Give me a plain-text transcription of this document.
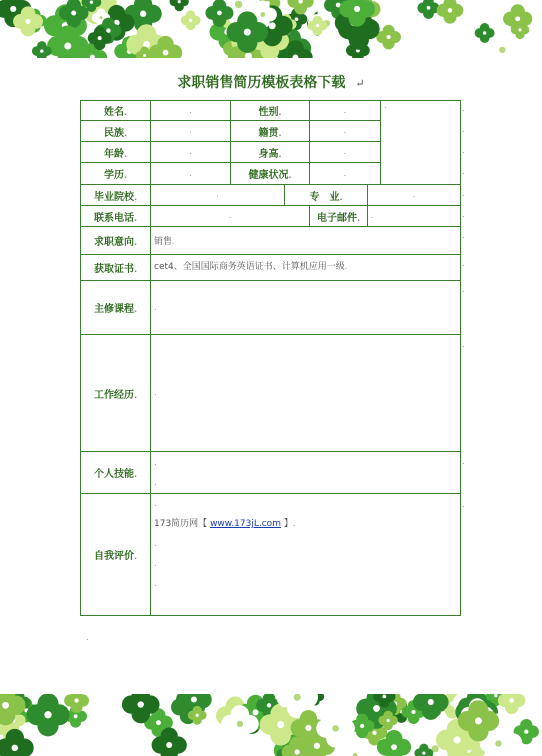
求职销售简历模板表格下载 ↵
姓名.	.	性别.		.		.
民族.	.	籍贯.		.		
年龄.	.	身高.		.		
学历.	.	健康状况.		.		
毕业院校.	.		专　业.		.	
联系电话.	.			电子邮件.	.	
求职意向.	销售.					
获取证书.	cet4、全国国际商务英语证书、计算机应用一级.					
主修课程.	.					
工作经历.	.					
个人技能.	.
.					

自我评价.	.
173简历网【 www.173jL.com 】.
.
.
.					
.
.
.
.
.
.
.
.
.
.
.
.
.
